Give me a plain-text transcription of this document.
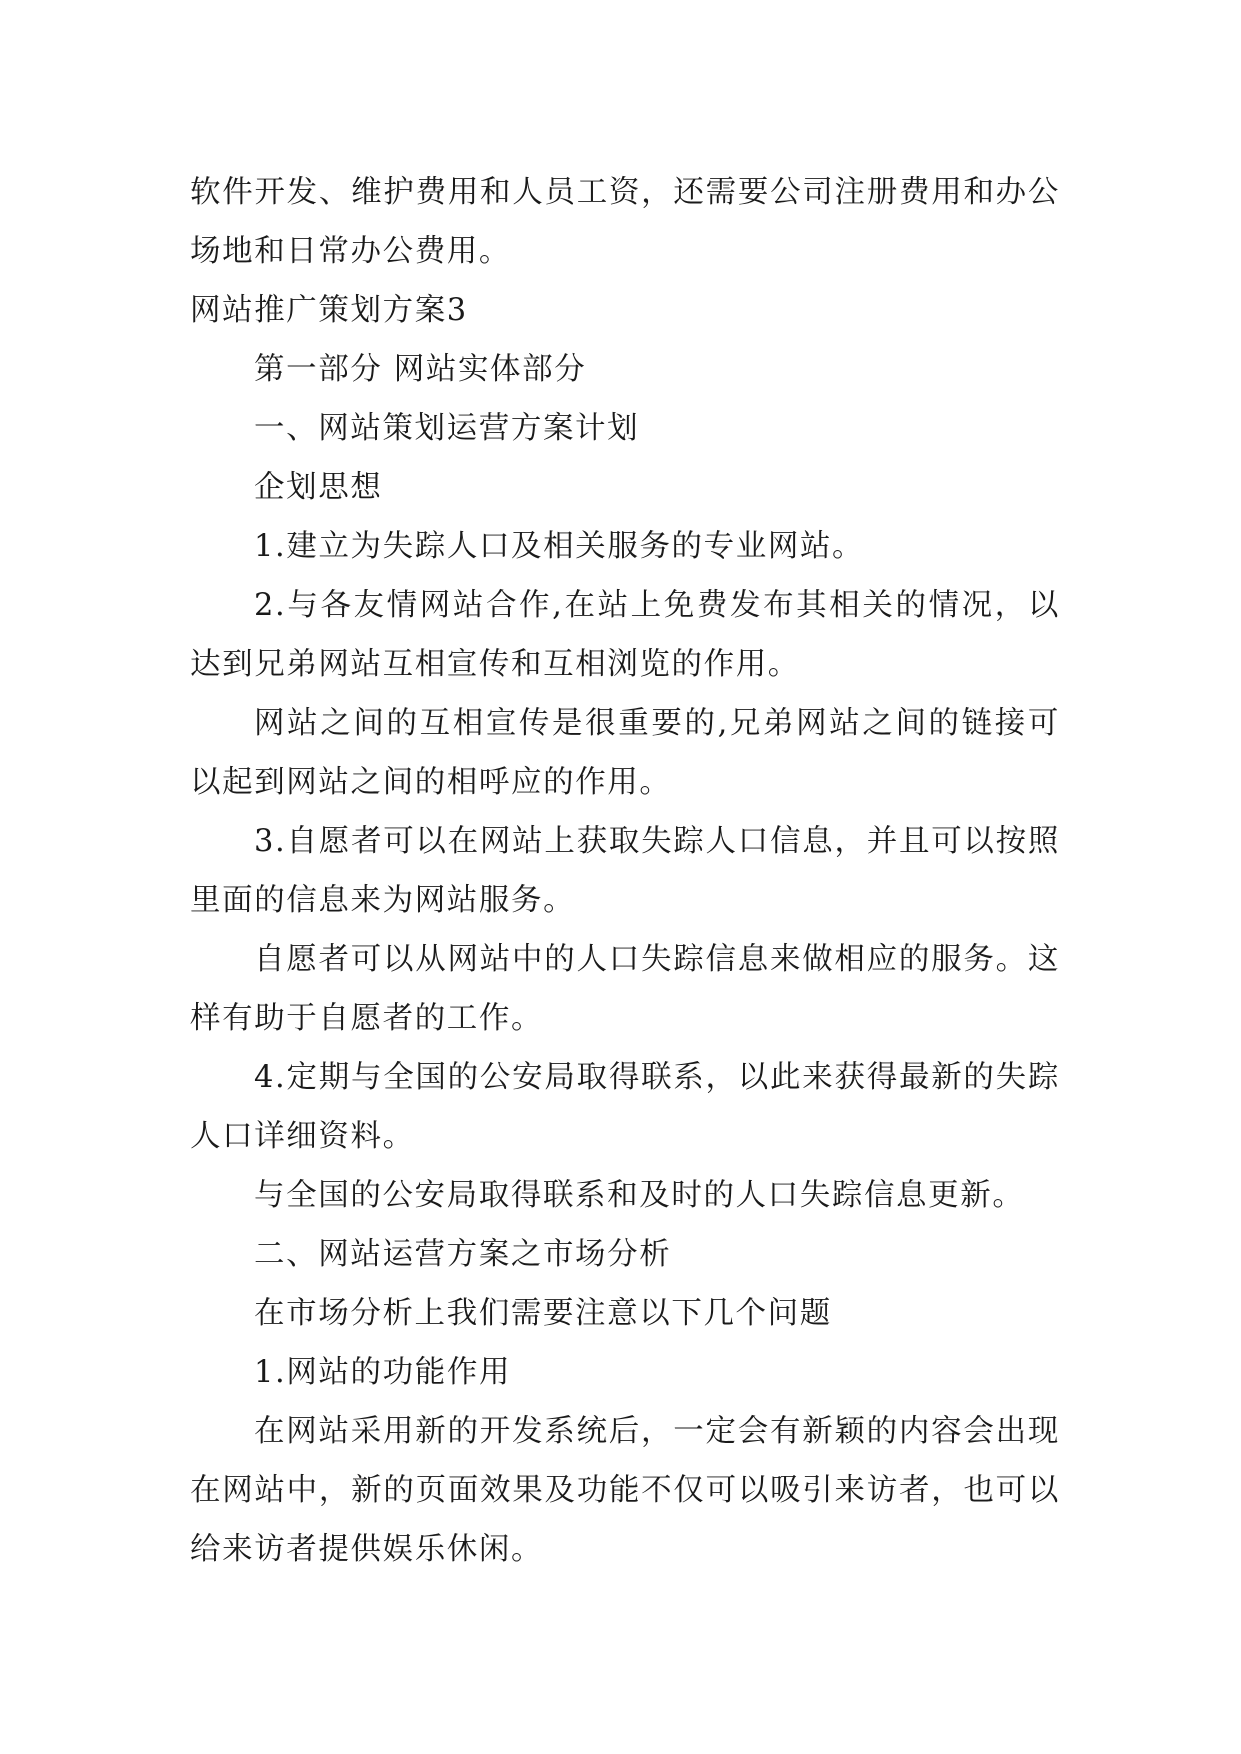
软件开发、维护费用和人员工资，还需要公司注册费用和办公场地和日常办公费用。

网站推广策划方案3

第一部分 网站实体部分

一、网站策划运营方案计划

企划思想

1.建立为失踪人口及相关服务的专业网站。

2.与各友情网站合作,在站上免费发布其相关的情况，以达到兄弟网站互相宣传和互相浏览的作用。

网站之间的互相宣传是很重要的,兄弟网站之间的链接可以起到网站之间的相呼应的作用。

3.自愿者可以在网站上获取失踪人口信息，并且可以按照里面的信息来为网站服务。

自愿者可以从网站中的人口失踪信息来做相应的服务。这样有助于自愿者的工作。

4.定期与全国的公安局取得联系，以此来获得最新的失踪人口详细资料。

与全国的公安局取得联系和及时的人口失踪信息更新。

二、网站运营方案之市场分析

在市场分析上我们需要注意以下几个问题

1.网站的功能作用

在网站采用新的开发系统后，一定会有新颖的内容会出现在网站中，新的页面效果及功能不仅可以吸引来访者，也可以给来访者提供娱乐休闲。
